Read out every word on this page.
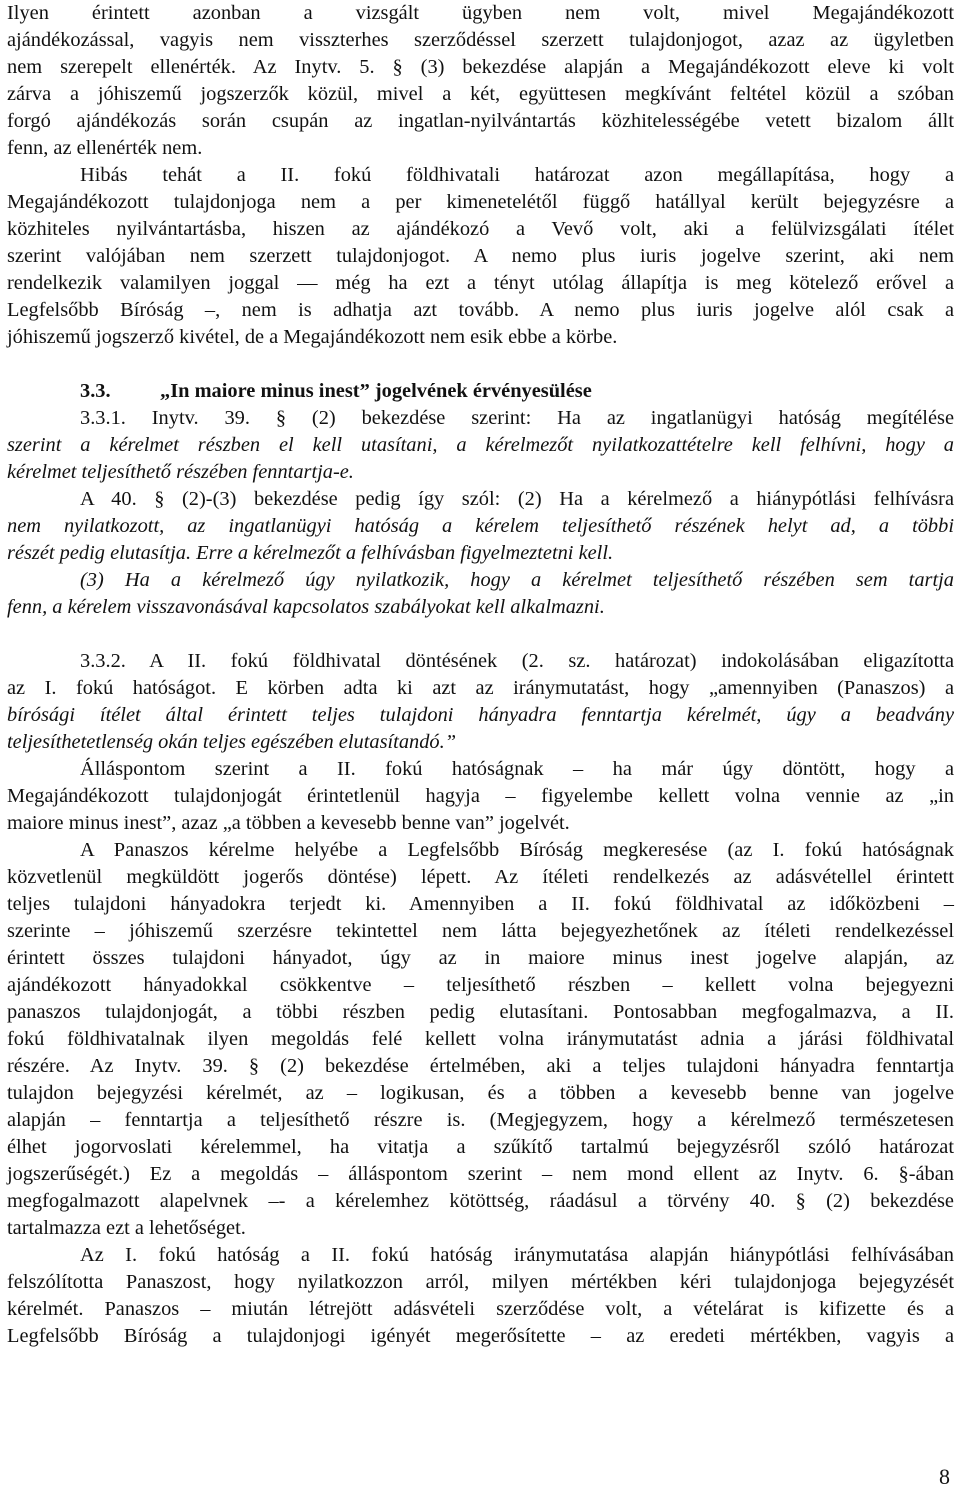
Ilyen érintett azonban a vizsgált ügyben nem volt, mivel Megajándékozott
ajándékozással, vagyis nem visszterhes szerződéssel szerzett tulajdonjogot, azaz az ügyletben
nem szerepelt ellenérték. Az Inytv. 5. § (3) bekezdése alapján a Megajándékozott eleve ki volt
zárva a jóhiszemű jogszerzők közül, mivel a két, együttesen megkívánt feltétel közül a szóban
forgó ajándékozás során csupán az ingatlan-nyilvántartás közhitelességébe vetett bizalom állt
fenn, az ellenérték nem.
Hibás tehát a II. fokú földhivatali határozat azon megállapítása, hogy a
Megajándékozott tulajdonjoga nem a per kimenetelétől függő hatállyal került bejegyzésre a
közhiteles nyilvántartásba, hiszen az ajándékozó a Vevő volt, aki a felülvizsgálati ítélet
szerint valójában nem szerzett tulajdonjogot. A nemo plus iuris jogelve szerint, aki nem
rendelkezik valamilyen joggal — még ha ezt a tényt utólag állapítja is meg kötelező erővel a
Legfelsőbb Bíróság –, nem is adhatja azt tovább. A nemo plus iuris jogelve alól csak a
jóhiszemű jogszerző kivétel, de a Megajándékozott nem esik ebbe a körbe.
3.3.	„In maiore minus inest” jogelvének érvényesülése
3.3.1. Inytv. 39. § (2) bekezdése szerint: Ha az ingatlanügyi hatóság megítélése
szerint a kérelmet részben el kell utasítani, a kérelmezőt nyilatkozattételre kell felhívni, hogy a
kérelmet teljesíthető részében fenntartja-e.
A 40. § (2)-(3) bekezdése pedig így szól: (2) Ha a kérelmező a hiánypótlási felhívásra
nem nyilatkozott, az ingatlanügyi hatóság a kérelem teljesíthető részének helyt ad, a többi
részét pedig elutasítja. Erre a kérelmezőt a felhívásban figyelmeztetni kell.
(3) Ha a kérelmező úgy nyilatkozik, hogy a kérelmet teljesíthető részében sem tartja
fenn, a kérelem visszavonásával kapcsolatos szabályokat kell alkalmazni.
3.3.2. A II. fokú földhivatal döntésének (2. sz. határozat) indokolásában eligazította
az I. fokú hatóságot. E körben adta ki azt az iránymutatást, hogy „amennyiben (Panaszos) a
bírósági ítélet által érintett teljes tulajdoni hányadra fenntartja kérelmét, úgy a beadvány
teljesíthetetlenség okán teljes egészében elutasítandó.”
Álláspontom szerint a II. fokú hatóságnak – ha már úgy döntött, hogy a
Megajándékozott tulajdonjogát érintetlenül hagyja – figyelembe kellett volna vennie az „in
maiore minus inest”, azaz „a többen a kevesebb benne van” jogelvét.
A Panaszos kérelme helyébe a Legfelsőbb Bíróság megkeresése (az I. fokú hatóságnak
közvetlenül megküldött jogerős döntése) lépett. Az ítéleti rendelkezés az adásvétellel érintett
teljes tulajdoni hányadokra terjedt ki. Amennyiben a II. fokú földhivatal az időközbeni –
szerinte – jóhiszemű szerzésre tekintettel nem látta bejegyezhetőnek az ítéleti rendelkezéssel
érintett összes tulajdoni hányadot, úgy az in maiore minus inest jogelve alapján, az
ajándékozott hányadokkal csökkentve – teljesíthető részben – kellett volna bejegyezni
panaszos tulajdonjogát, a többi részben pedig elutasítani. Pontosabban megfogalmazva, a II.
fokú földhivatalnak ilyen megoldás felé kellett volna iránymutatást adnia a járási földhivatal
részére. Az Inytv. 39. § (2) bekezdése értelmében, aki a teljes tulajdoni hányadra fenntartja
tulajdon bejegyzési kérelmét, az – logikusan, és a többen a kevesebb benne van jogelve
alapján – fenntartja a teljesíthető részre is. (Megjegyzem, hogy a kérelmező természetesen
élhet jogorvoslati kérelemmel, ha vitatja a szűkítő tartalmú bejegyzésről szóló határozat
jogszerűségét.) Ez a megoldás – álláspontom szerint – nem mond ellent az Inytv. 6. §-ában
megfogalmazott alapelvnek –- a kérelemhez kötöttség, ráadásul a törvény 40. § (2) bekezdése
tartalmazza ezt a lehetőséget.
Az I. fokú hatóság a II. fokú hatóság iránymutatása alapján hiánypótlási felhívásában
felszólította Panaszost, hogy nyilatkozzon arról, milyen mértékben kéri tulajdonjoga bejegyzését
kérelmét. Panaszos – miután létrejött adásvételi szerződése volt, a vételárat is kifizette és a
Legfelsőbb Bíróság a tulajdonjogi igényét megerősítette – az eredeti mértékben, vagyis a
8
